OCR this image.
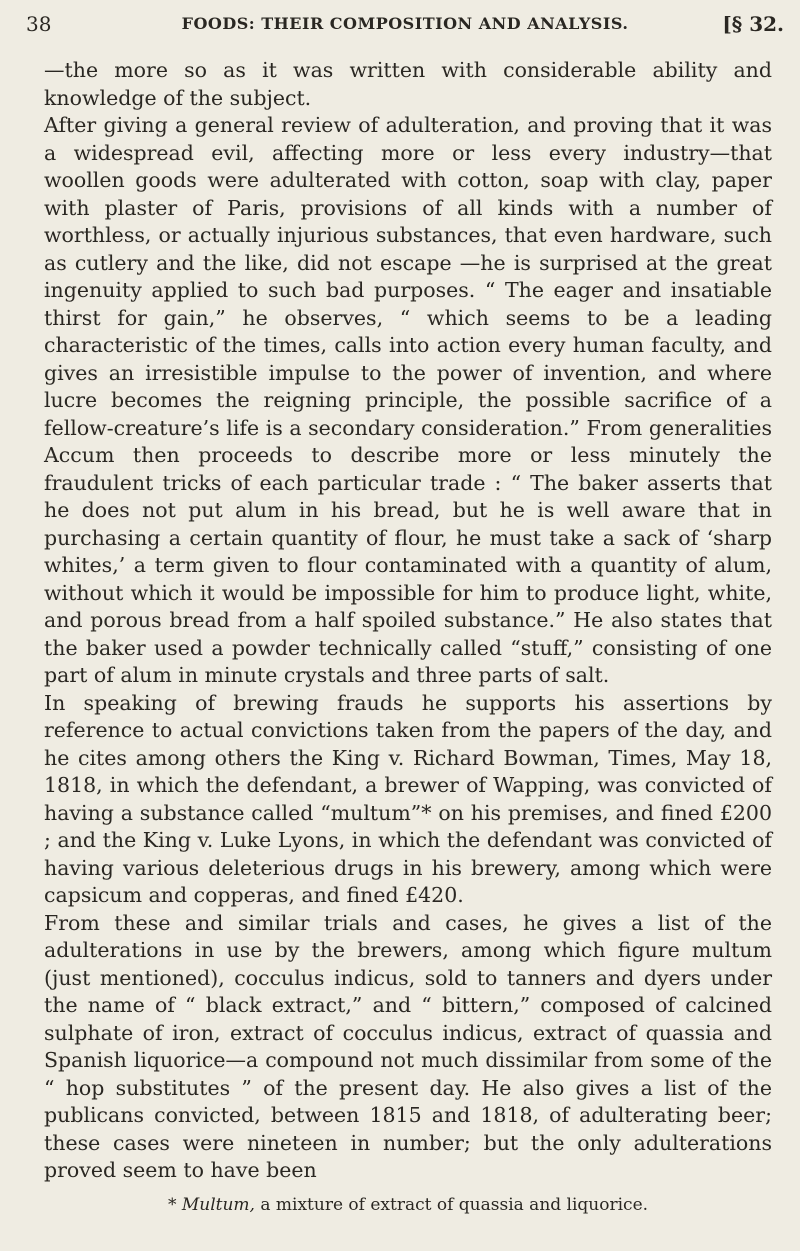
38	FOODS: THEIR COMPOSITION AND ANALYSIS.	[§ 32.

—the more so as it was written with considerable ability and knowledge of the subject.

After giving a general review of adulteration, and proving that it was a widespread evil, affecting more or less every industry—that woollen goods were adulterated with cotton, soap with clay, paper with plaster of Paris, provisions of all kinds with a number of worthless, or actually injurious substances, that even hardware, such as cutlery and the like, did not escape —he is surprised at the great ingenuity applied to such bad purposes. “ The eager and insatiable thirst for gain,” he observes, “ which seems to be a leading characteristic of the times, calls into action every human faculty, and gives an irresistible impulse to the power of invention, and where lucre becomes the reigning principle, the possible sacrifice of a fellow-creature’s life is a secondary consideration.” From generalities Accum then proceeds to describe more or less minutely the fraudulent tricks of each particular trade : “ The baker asserts that he does not put alum in his bread, but he is well aware that in purchasing a certain quantity of flour, he must take a sack of ‘sharp whites,’ a term given to flour contaminated with a quantity of alum, without which it would be impossible for him to produce light, white, and porous bread from a half spoiled substance.” He also states that the baker used a powder technically called “stuff,” consisting of one part of alum in minute crystals and three parts of salt.

In speaking of brewing frauds he supports his assertions by reference to actual convictions taken from the papers of the day, and he cites among others the King v. Richard Bowman, Times, May 18, 1818, in which the defendant, a brewer of Wapping, was convicted of having a substance called “multum”* on his premises, and fined £200 ; and the King v. Luke Lyons, in which the defendant was convicted of having various deleterious drugs in his brewery, among which were capsicum and copperas, and fined £420.

From these and similar trials and cases, he gives a list of the adulterations in use by the brewers, among which figure multum (just mentioned), cocculus indicus, sold to tanners and dyers under the name of “ black extract,” and “ bittern,” composed of calcined sulphate of iron, extract of cocculus indicus, extract of quassia and Spanish liquorice—a compound not much dissimilar from some of the “ hop substitutes ” of the present day. He also gives a list of the publicans convicted, between 1815 and 1818, of adulterating beer; these cases were nineteen in number; but the only adulterations proved seem to have been

* Multum, a mixture of extract of quassia and liquorice.
